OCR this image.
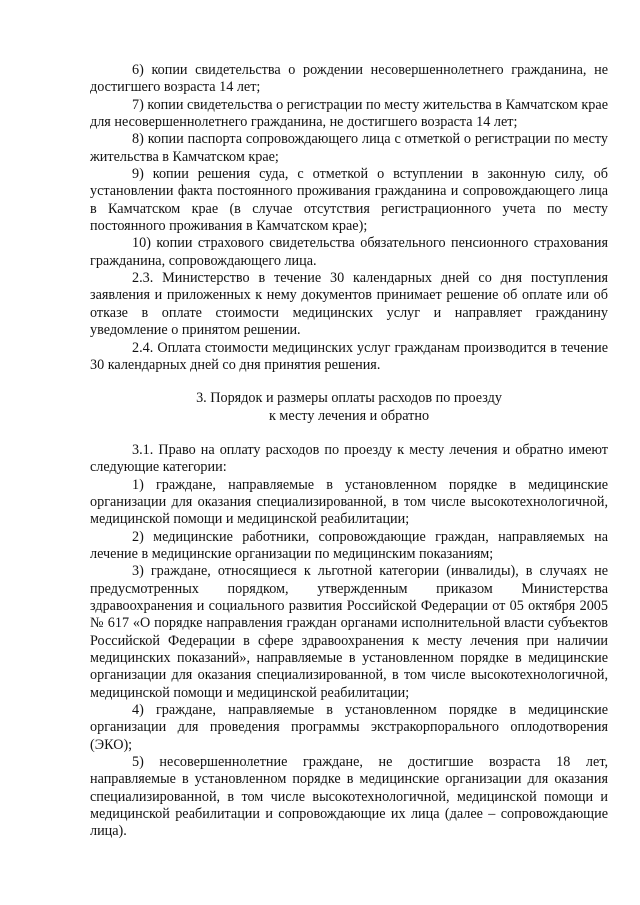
6) копии свидетельства о рождении несовершеннолетнего гражданина, не достигшего возраста 14 лет;

7) копии свидетельства о регистрации по месту жительства в Камчатском крае для несовершеннолетнего гражданина, не достигшего возраста 14 лет;

8) копии паспорта сопровождающего лица с отметкой о регистрации по месту жительства в Камчатском крае;

9) копии решения суда, с отметкой о вступлении в законную силу, об установлении факта постоянного проживания гражданина и сопровождающего лица в Камчатском крае (в случае отсутствия регистрационного учета по месту постоянного проживания в Камчатском крае);

10) копии страхового свидетельства обязательного пенсионного страхования гражданина, сопровождающего лица.

2.3. Министерство в течение 30 календарных дней со дня поступления заявления и приложенных к нему документов принимает решение об оплате или об отказе в оплате стоимости медицинских услуг и направляет гражданину уведомление о принятом решении.

2.4. Оплата стоимости медицинских услуг гражданам производится в течение 30 календарных дней со дня принятия решения.

3. Порядок и размеры оплаты расходов по проезду
к месту лечения и обратно

3.1. Право на оплату расходов по проезду к месту лечения и обратно имеют следующие категории:

1) граждане, направляемые в установленном порядке в медицинские организации для оказания специализированной, в том числе высокотехнологичной, медицинской помощи и медицинской реабилитации;

2) медицинские работники, сопровождающие граждан, направляемых на лечение в медицинские организации по медицинским показаниям;

3) граждане, относящиеся к льготной категории (инвалиды), в случаях не предусмотренных порядком, утвержденным приказом Министерства здравоохранения и социального развития Российской Федерации от 05 октября 2005 № 617 «О порядке направления граждан органами исполнительной власти субъектов Российской Федерации в сфере здравоохранения к месту лечения при наличии медицинских показаний», направляемые в установленном порядке в медицинские организации для оказания специализированной, в том числе высокотехнологичной, медицинской помощи и медицинской реабилитации;

4) граждане, направляемые в установленном порядке в медицинские организации для проведения программы экстракорпорального оплодотворения (ЭКО);

5) несовершеннолетние граждане, не достигшие возраста 18 лет, направляемые в установленном порядке в медицинские организации для оказания специализированной, в том числе высокотехнологичной, медицинской помощи и медицинской реабилитации и сопровождающие их лица (далее – сопровождающие лица).
